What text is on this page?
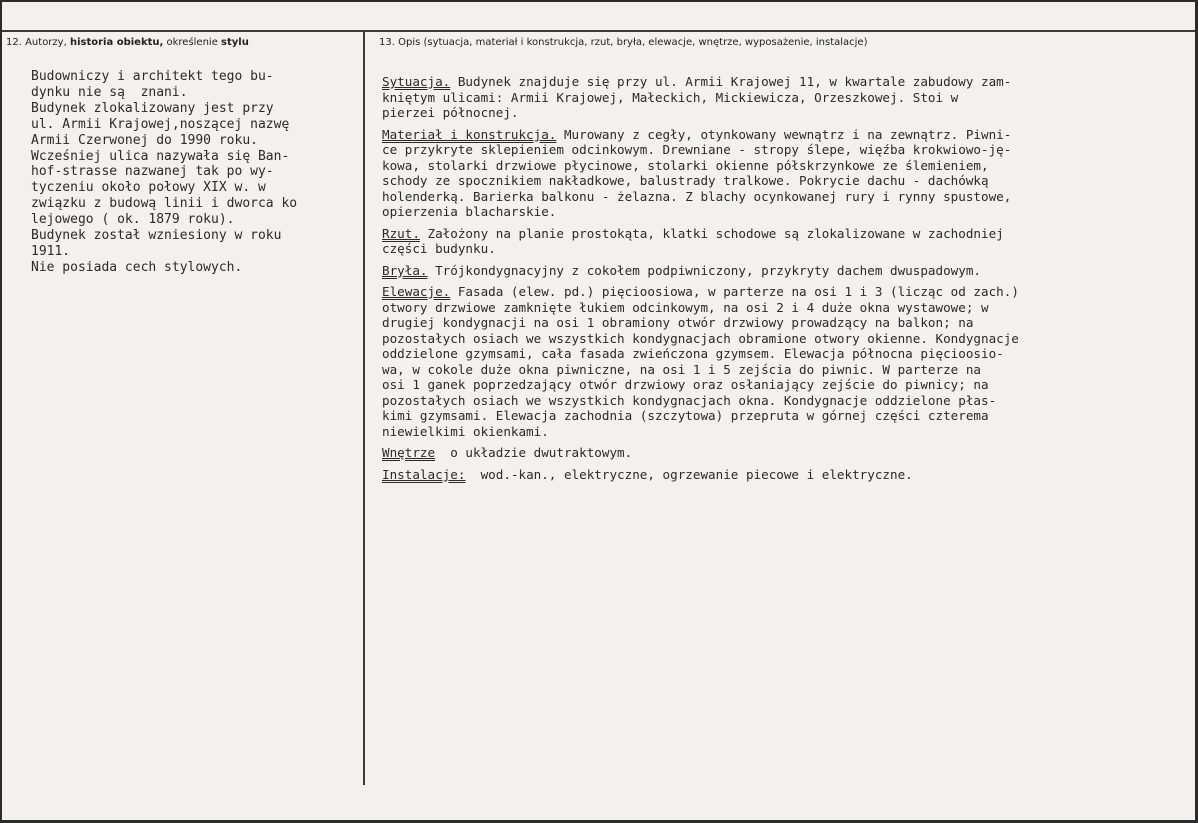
12. Autorzy, historia obiektu, określenie stylu	13. Opis (sytuacja, materiał i konstrukcja, rzut, bryła, elewacje, wnętrze, wyposażenie, instalacje)
Budowniczy i architekt tego bu-
dynku nie są  znani.
Budynek zlokalizowany jest przy
ul. Armii Krajowej,noszącej nazwę
Armii Czerwonej do 1990 roku.
Wcześniej ulica nazywała się Ban-
hof-strasse nazwanej tak po wy-
tyczeniu około połowy XIX w. w
związku z budową linii i dworca ko
lejowego ( ok. 1879 roku).
Budynek został wzniesiony w roku
1911.
Nie posiada cech stylowych.
Sytuacja. Budynek znajduje się przy ul. Armii Krajowej 11, w kwartale zabudowy zam-
kniętym ulicami: Armii Krajowej, Małeckich, Mickiewicza, Orzeszkowej. Stoi w
pierzei północnej.
Materiał i konstrukcja. Murowany z cegły, otynkowany wewnątrz i na zewnątrz. Piwni-
ce przykryte sklepieniem odcinkowym. Drewniane - stropy ślepe, więźba krokwiowo-ję-
kowa, stolarki drzwiowe płycinowe, stolarki okienne półskrzynkowe ze ślemieniem,
schody ze spocznikiem nakładkowe, balustrady tralkowe. Pokrycie dachu - dachówką
holenderką. Barierka balkonu - żelazna. Z blachy ocynkowanej rury i rynny spustowe,
opierzenia blacharskie.
Rzut. Założony na planie prostokąta, klatki schodowe są zlokalizowane w zachodniej
części budynku.
Bryła. Trójkondygnacyjny z cokołem podpiwniczony, przykryty dachem dwuspadowym.
Elewacje. Fasada (elew. pd.) pięcioosiowa, w parterze na osi 1 i 3 (licząc od zach.)
otwory drzwiowe zamknięte łukiem odcinkowym, na osi 2 i 4 duże okna wystawowe; w
drugiej kondygnacji na osi 1 obramiony otwór drzwiowy prowadzący na balkon; na
pozostałych osiach we wszystkich kondygnacjach obramione otwory okienne. Kondygnacje
oddzielone gzymsami, cała fasada zwieńczona gzymsem. Elewacja północna pięcioosio-
wa, w cokole duże okna piwniczne, na osi 1 i 5 zejścia do piwnic. W parterze na
osi 1 ganek poprzedzający otwór drzwiowy oraz osłaniający zejście do piwnicy; na
pozostałych osiach we wszystkich kondygnacjach okna. Kondygnacje oddzielone płas-
kimi gzymsami. Elewacja zachodnia (szczytowa) przepruta w górnej części czterema
niewielkimi okienkami.
Wnętrze  o układzie dwutraktowym.
Instalacje:  wod.-kan., elektryczne, ogrzewanie piecowe i elektryczne.
